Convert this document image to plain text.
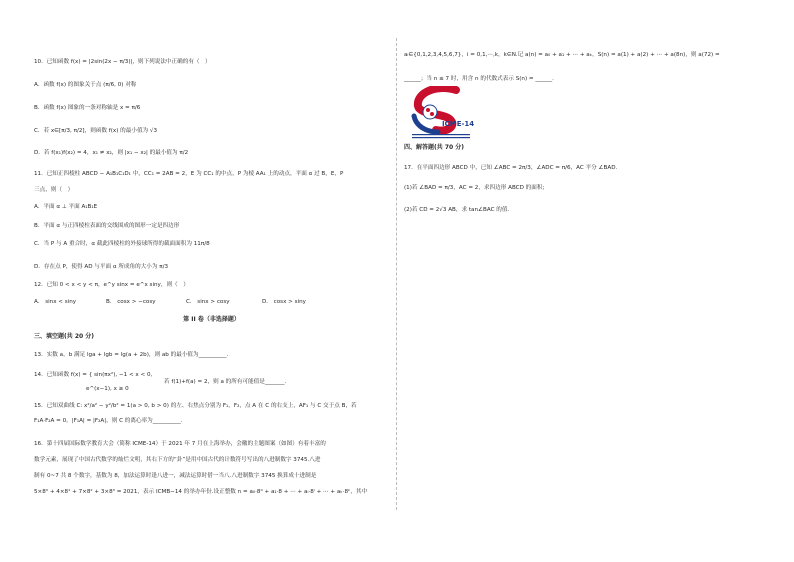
10．已知函数 f(x) = |2sin(2x − π/3)|，则下列说法中正确的有（　）
A．函数 f(x) 的图象关于点 (π/6, 0) 对称
B．函数 f(x) 图象的一条对称轴是 x = π/6
C．若 x∈[π/3, π/2]，则函数 f(x) 的最小值为 √3
D．若 f(x₁)f(x₂) = 4，x₁ ≠ x₂，则 |x₁ − x₂| 的最小值为 π/2
11．已知正四棱柱 ABCD − A₁B₁C₁D₁ 中，CC₁ = 2AB = 2，E 为 CC₁ 的中点，P 为棱 AA₁ 上的动点，平面 α 过 B，E，P
三点，则（　）
A．平面 α ⊥ 平面 A₁B₁E
B．平面 α 与正四棱柱表面的交线围成的图形一定是四边形
C．当 P 与 A 重合时，α 截此四棱柱的外接球所得的截面面积为 11π/8
D．存在点 P，使得 AD 与平面 α 所成角的大小为 π/3
12．已知 0 < x < y < π，e^y sinx = e^x siny，则（　）
A． sinx < siny	B． cosx > −cosy	C． sinx > cosy	D． cosx > siny
第 II 卷（非选择题）
三、填空题(共 20 分)
13．实数 a，b 满足 lga + lgb = lg(a + 2b)，则 ab 的最小值为__________.
14．已知函数 f(x) = { sin(πx²), −1 < x < 0,
若 f(1)+f(a) = 2，则 a 的所有可能值是_______.
e^(x−1), x ≥ 0
15．已知双曲线 C: x²/a² − y²/b² = 1(a > 0, b > 0) 的左、右焦点分别为 F₁，F₂，点 A 在 C 的右支上，AF₁ 与 C 交于点 B，若
F₁A·F₂A = 0，|F₁A| = |F₂A|，则 C 的离心率为__________.
16．第十四届国际数学教育大会（简称 ICME-14）于 2021 年 7 月在上海举办，会徽的主题图案（如图）有着丰富的
数学元素，展现了中国古代数学的灿烂文明，其右下方的“卦”是用中国古代的计数符号写出的八进制数字 3745.八进
制有 0~7 共 8 个数字，基数为 8，加法运算时逢八进一，减法运算时借一当八.八进制数字 3745 换算成十进制是
5×8⁰ + 4×8¹ + 7×8² + 3×8³ = 2021，表示 ICMB−14 的举办年份.设正整数 n = a₀·8⁰ + a₁·8 + ⋯ + aᵢ·8ⁱ + ⋯ + aₖ·8ᵏ，其中
aᵢ∈{0,1,2,3,4,5,6,7}，i = 0,1,⋯,k，k∈N.记 a(n) = a₀ + a₁ + ⋯ + aₖ，S(n) = a(1) + a(2) + ⋯ + a(8n)，则 a(72) =
______；当 n ≤ 7 时，用含 n 的代数式表示 S(n) = ______.
ICME-14
四、解答题(共 70 分)
17．在平面四边形 ABCD 中，已知 ∠ABC = 2π/3，∠ADC = π/6，AC 平分 ∠BAD.
(1)若 ∠BAD = π/3，AC = 2，求四边形 ABCD 的面积;
(2)若 CD = 2√3 AB，求 tan∠BAC 的值.
